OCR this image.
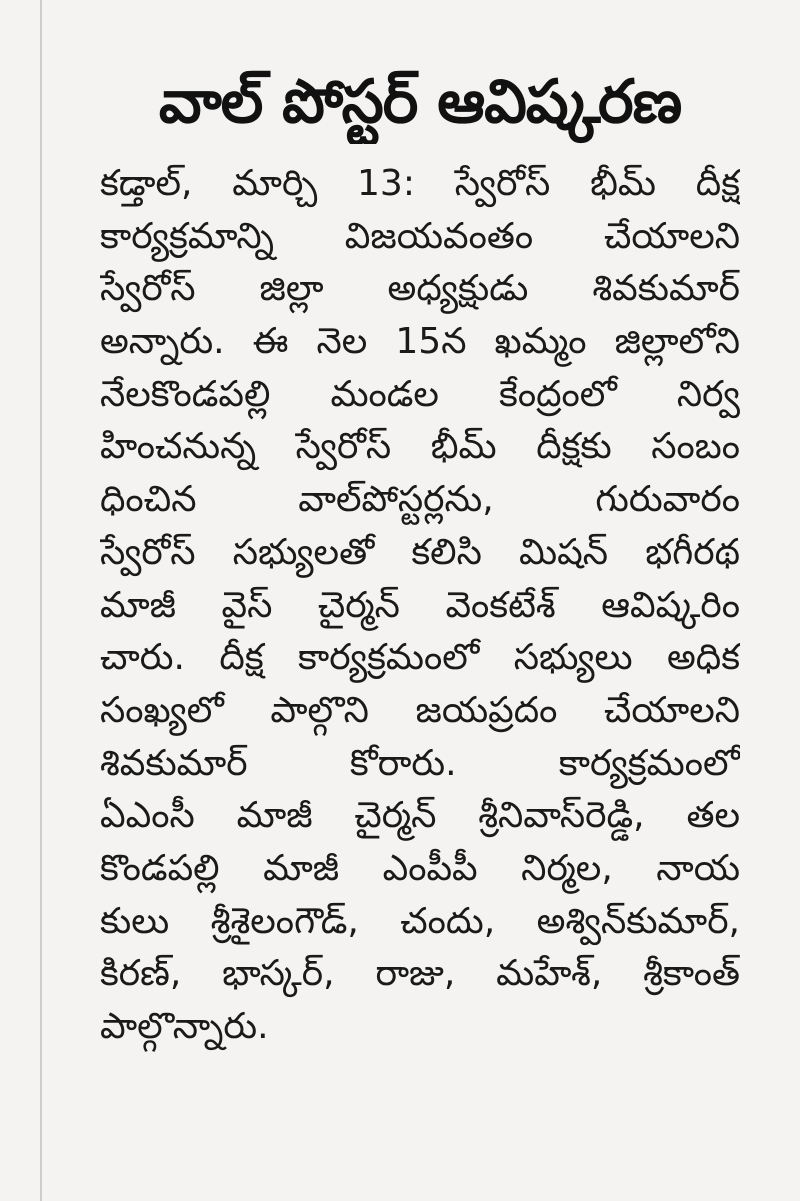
వాల్ పోస్టర్ ఆవిష్కరణ
కడ్తాల్, మార్చి 13: స్వేరోస్ భీమ్ దీక్ష
కార్యక్రమాన్ని విజయవంతం చేయాలని
స్వేరోస్ జిల్లా అధ్యక్షుడు శివకుమార్
అన్నారు. ఈ నెల 15న ఖమ్మం జిల్లాలోని
నేలకొండపల్లి మండల కేంద్రంలో నిర్వ
హించనున్న స్వేరోస్ భీమ్ దీక్షకు సంబం
ధించిన వాల్‌పోస్టర్లను, గురువారం
స్వేరోస్ సభ్యులతో కలిసి మిషన్ భగీరథ
మాజీ వైస్ చైర్మన్ వెంకటేశ్ ఆవిష్కరిం
చారు. దీక్ష కార్యక్రమంలో సభ్యులు అధిక
సంఖ్యలో పాల్గొని జయప్రదం చేయాలని
శివకుమార్ కోరారు. కార్యక్రమంలో
ఏఎంసీ మాజీ చైర్మన్ శ్రీనివాస్‌రెడ్డి, తల
కొండపల్లి మాజీ ఎంపీపీ నిర్మల, నాయ
కులు శ్రీశైలంగౌడ్, చందు, అశ్విన్‌కుమార్,
కిరణ్, భాస్కర్, రాజు, మహేశ్, శ్రీకాంత్
పాల్గొన్నారు.
